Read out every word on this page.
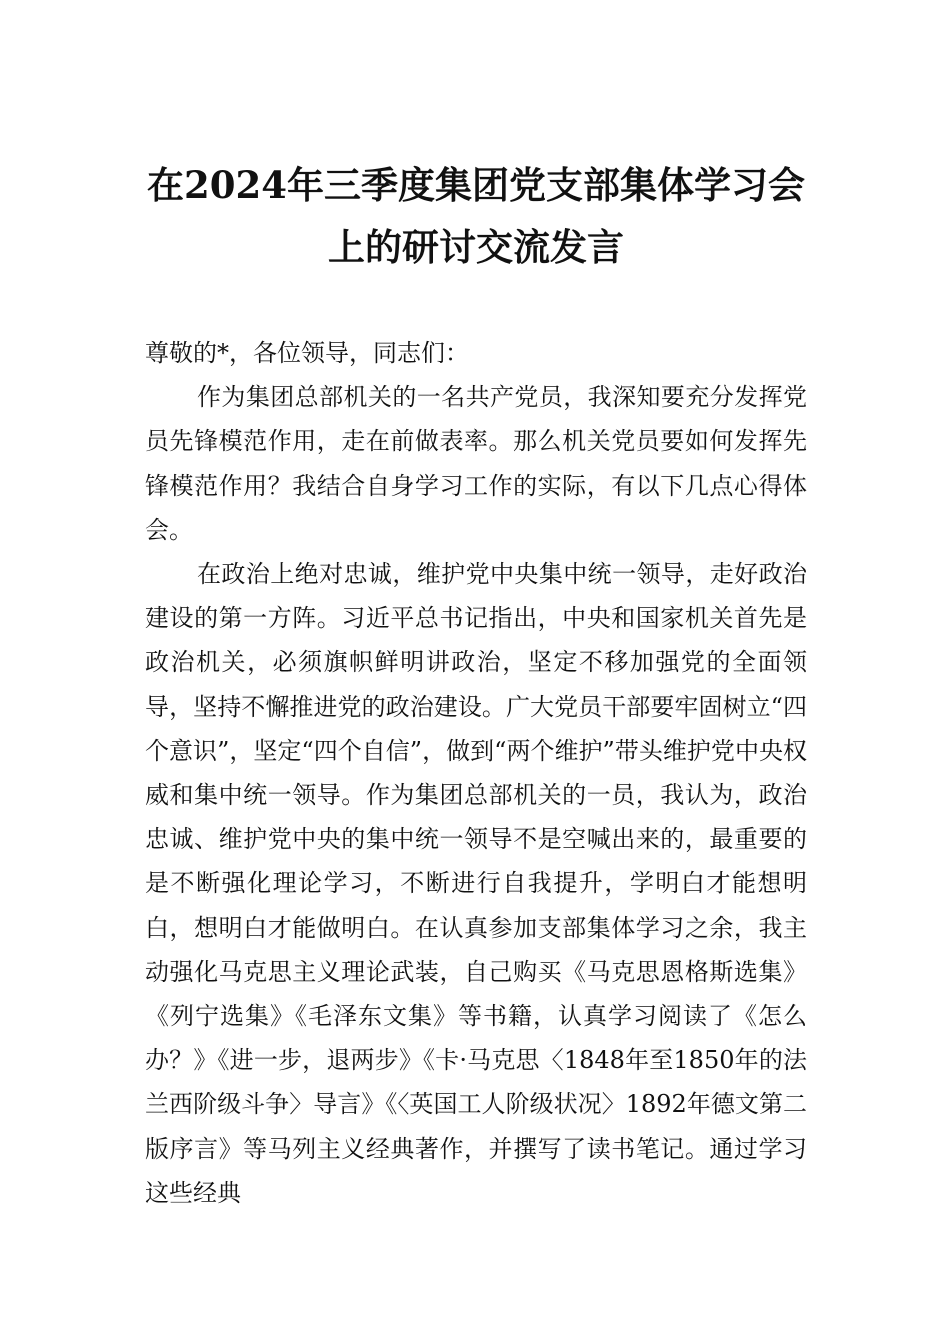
在2024年三季度集团党支部集体学习会上的研讨交流发言

尊敬的*，各位领导，同志们：

作为集团总部机关的一名共产党员，我深知要充分发挥党员先锋模范作用，走在前做表率。那么机关党员要如何发挥先锋模范作用？我结合自身学习工作的实际，有以下几点心得体会。

在政治上绝对忠诚，维护党中央集中统一领导，走好政治建设的第一方阵。习近平总书记指出，中央和国家机关首先是政治机关，必须旗帜鲜明讲政治，坚定不移加强党的全面领导，坚持不懈推进党的政治建设。广大党员干部要牢固树立“四个意识”，坚定“四个自信”，做到“两个维护”带头维护党中央权威和集中统一领导。作为集团总部机关的一员，我认为，政治忠诚、维护党中央的集中统一领导不是空喊出来的，最重要的是不断强化理论学习，不断进行自我提升，学明白才能想明白，想明白才能做明白。在认真参加支部集体学习之余，我主动强化马克思主义理论武装，自己购买《马克思恩格斯选集》《列宁选集》《毛泽东文集》等书籍，认真学习阅读了《怎么办？》《进一步，退两步》《卡·马克思〈1848年至1850年的法兰西阶级斗争〉导言》《〈英国工人阶级状况〉1892年德文第二版序言》等马列主义经典著作，并撰写了读书笔记。通过学习这些经典
